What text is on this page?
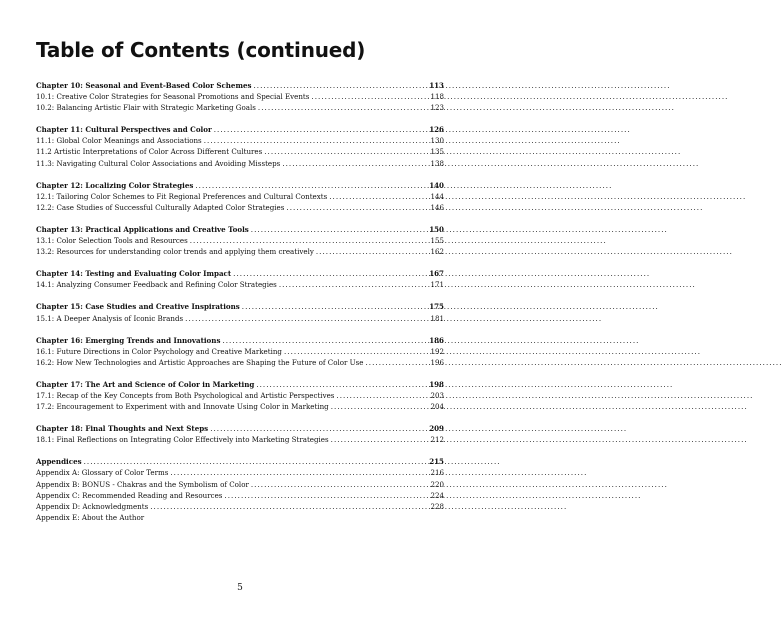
Table of Contents (continued)
Chapter 10: Seasonal and Event-Based Color Schemes . . .	113
10.1: Creative Color Strategies for Seasonal Promotions and Special Events . . .	118
10.2: Balancing Artistic Flair with Strategic Marketing Goals . . .	123
Chapter 11: Cultural Perspectives and Color . . .	126
11.1: Global Color Meanings and Associations . . .	130
11.2 Artistic Interpretations of Color Across Different Cultures . . .	135
11.3: Navigating Cultural Color Associations and Avoiding Missteps . . .	138
Chapter 12: Localizing Color Strategies . . .	140
12.1: Tailoring Color Schemes to Fit Regional Preferences and Cultural Contexts . . .	144
12.2: Case Studies of Successful Culturally Adapted Color Strategies . . .	146
Chapter 13: Practical Applications and Creative Tools . . .	150
13.1: Color Selection Tools and Resources . . .	155
13.2: Resources for understanding color trends and applying them creatively . . .	162
Chapter 14: Testing and Evaluating Color Impact . . .	167
14.1: Analyzing Consumer Feedback and Refining Color Strategies . . .	171
Chapter 15: Case Studies and Creative Inspirations . . .	175
15.1: A Deeper Analysis of Iconic Brands . . .	181
Chapter 16: Emerging Trends and Innovations . . .	186
16.1: Future Directions in Color Psychology and Creative Marketing . . .	192
16.2: How New Technologies and Artistic Approaches are Shaping the Future of Color Use . . .	196
Chapter 17: The Art and Science of Color in Marketing . . .	198
17.1: Recap of the Key Concepts from Both Psychological and Artistic Perspectives . . .	203
17.2: Encouragement to Experiment with and Innovate Using Color in Marketing . . .	204
Chapter 18: Final Thoughts and Next Steps . . .	209
18.1: Final Reflections on Integrating Color Effectively into Marketing Strategies . . .	212
Appendices . . .	215
Appendix A: Glossary of Color Terms . . .	216
Appendix B: BONUS - Chakras and the Symbolism of Color . . .	220
Appendix C: Recommended Reading and Resources . . .	224
Appendix D: Acknowledgments . . .	228
Appendix E: About the Author
5
